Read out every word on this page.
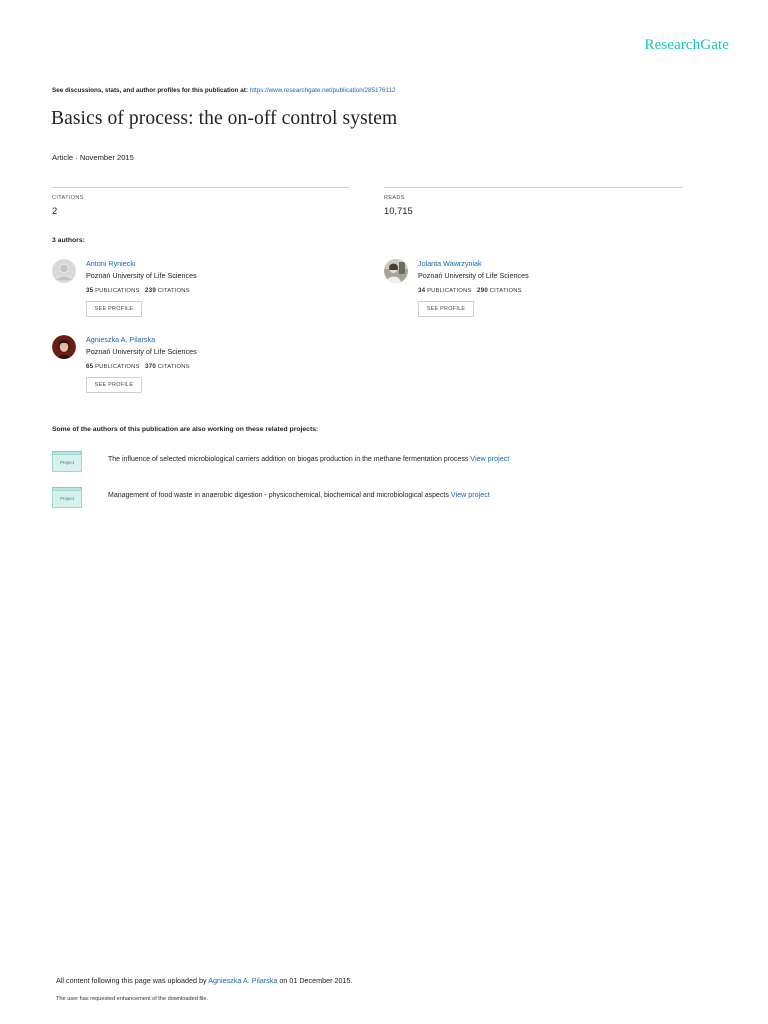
ResearchGate
See discussions, stats, and author profiles for this publication at: https://www.researchgate.net/publication/285176112
Basics of process: the on-off control system
Article · November 2015
CITATIONS
2
READS
10,715
3 authors:
Antoni Ryniecki
Poznań University of Life Sciences
35 PUBLICATIONS 239 CITATIONS
SEE PROFILE
Jolanta Wawrzyniak
Poznań University of Life Sciences
34 PUBLICATIONS 290 CITATIONS
SEE PROFILE
Agnieszka A. Pilarska
Poznań University of Life Sciences
65 PUBLICATIONS 370 CITATIONS
SEE PROFILE
Some of the authors of this publication are also working on these related projects:
Project	The influence of selected microbiological carriers addition on biogas production in the methane fermentation process View project
Project	Management of food waste in anaerobic digestion - physicochemical, biochemical and microbiological aspects View project
All content following this page was uploaded by Agnieszka A. Pilarska on 01 December 2015.
The user has requested enhancement of the downloaded file.
